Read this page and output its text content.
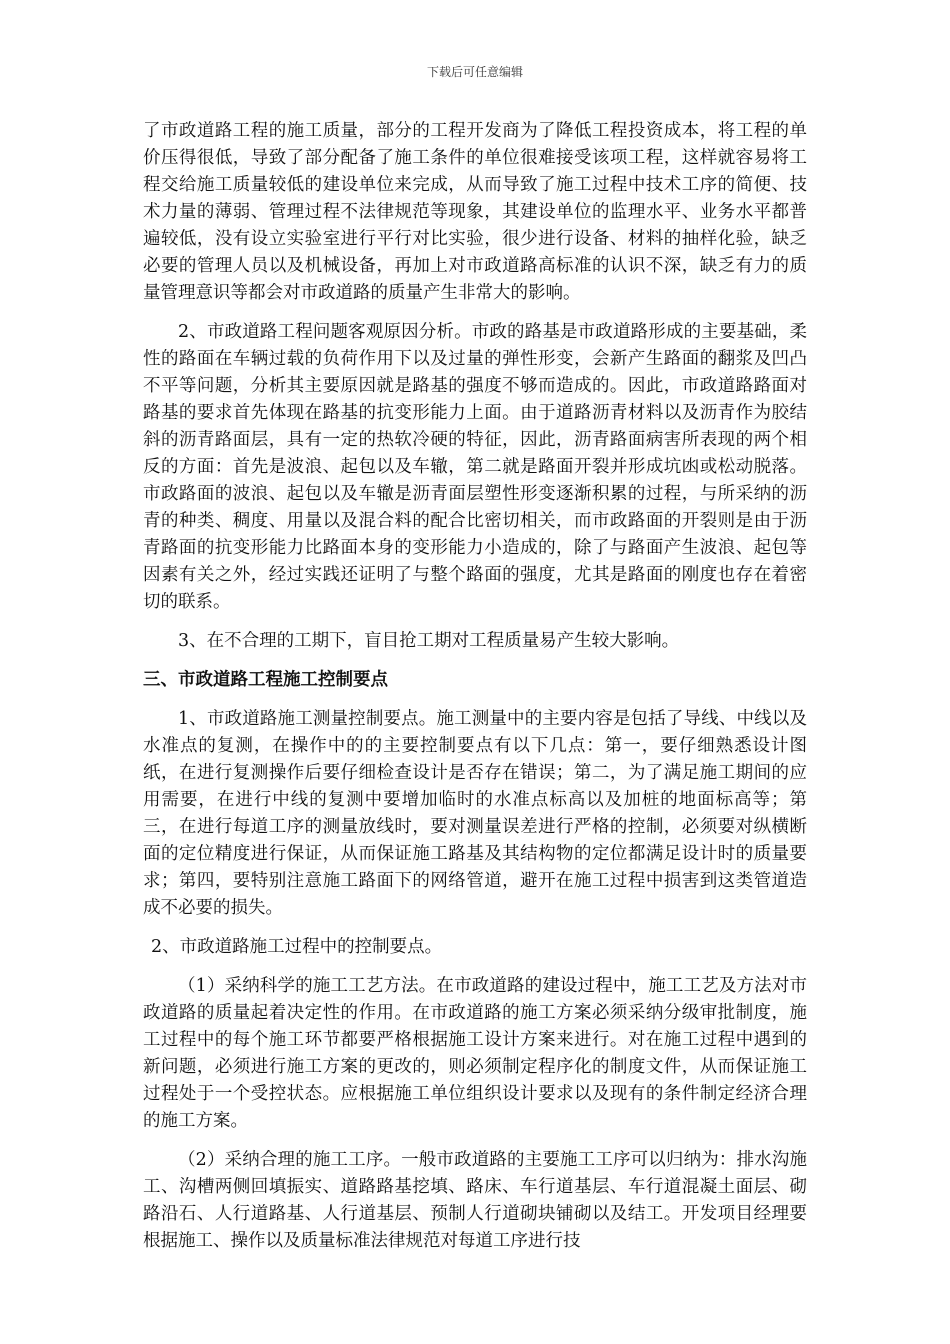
下载后可任意编辑

了市政道路工程的施工质量，部分的工程开发商为了降低工程投资成本，将工程的单价压得很低，导致了部分配备了施工条件的单位很难接受该项工程，这样就容易将工程交给施工质量较低的建设单位来完成，从而导致了施工过程中技术工序的简便、技术力量的薄弱、管理过程不法律规范等现象，其建设单位的监理水平、业务水平都普遍较低，没有设立实验室进行平行对比实验，很少进行设备、材料的抽样化验，缺乏必要的管理人员以及机械设备，再加上对市政道路高标准的认识不深，缺乏有力的质量管理意识等都会对市政道路的质量产生非常大的影响。

2、市政道路工程问题客观原因分析。市政的路基是市政道路形成的主要基础，柔性的路面在车辆过载的负荷作用下以及过量的弹性形变，会新产生路面的翻浆及凹凸不平等问题，分析其主要原因就是路基的强度不够而造成的。因此，市政道路路面对路基的要求首先体现在路基的抗变形能力上面。由于道路沥青材料以及沥青作为胶结斜的沥青路面层，具有一定的热软冷硬的特征，因此，沥青路面病害所表现的两个相反的方面：首先是波浪、起包以及车辙，第二就是路面开裂并形成坑凼或松动脱落。市政路面的波浪、起包以及车辙是沥青面层塑性形变逐渐积累的过程，与所采纳的沥青的种类、稠度、用量以及混合料的配合比密切相关，而市政路面的开裂则是由于沥青路面的抗变形能力比路面本身的变形能力小造成的，除了与路面产生波浪、起包等因素有关之外，经过实践还证明了与整个路面的强度，尤其是路面的刚度也存在着密切的联系。

3、在不合理的工期下，盲目抢工期对工程质量易产生较大影响。

三、市政道路工程施工控制要点

1、市政道路施工测量控制要点。施工测量中的主要内容是包括了导线、中线以及水准点的复测，在操作中的的主要控制要点有以下几点：第一，要仔细熟悉设计图纸，在进行复测操作后要仔细检查设计是否存在错误；第二，为了满足施工期间的应用需要，在进行中线的复测中要增加临时的水准点标高以及加桩的地面标高等；第三，在进行每道工序的测量放线时，要对测量误差进行严格的控制，必须要对纵横断面的定位精度进行保证，从而保证施工路基及其结构物的定位都满足设计时的质量要求；第四，要特别注意施工路面下的网络管道，避开在施工过程中损害到这类管道造成不必要的损失。

2、市政道路施工过程中的控制要点。

（1）采纳科学的施工工艺方法。在市政道路的建设过程中，施工工艺及方法对市政道路的质量起着决定性的作用。在市政道路的施工方案必须采纳分级审批制度，施工过程中的每个施工环节都要严格根据施工设计方案来进行。对在施工过程中遇到的新问题，必须进行施工方案的更改的，则必须制定程序化的制度文件，从而保证施工过程处于一个受控状态。应根据施工单位组织设计要求以及现有的条件制定经济合理的施工方案。

（2）采纳合理的施工工序。一般市政道路的主要施工工序可以归纳为：排水沟施工、沟槽两侧回填振实、道路路基挖填、路床、车行道基层、车行道混凝土面层、砌路沿石、人行道路基、人行道基层、预制人行道砌块铺砌以及结工。开发项目经理要根据施工、操作以及质量标准法律规范对每道工序进行技
